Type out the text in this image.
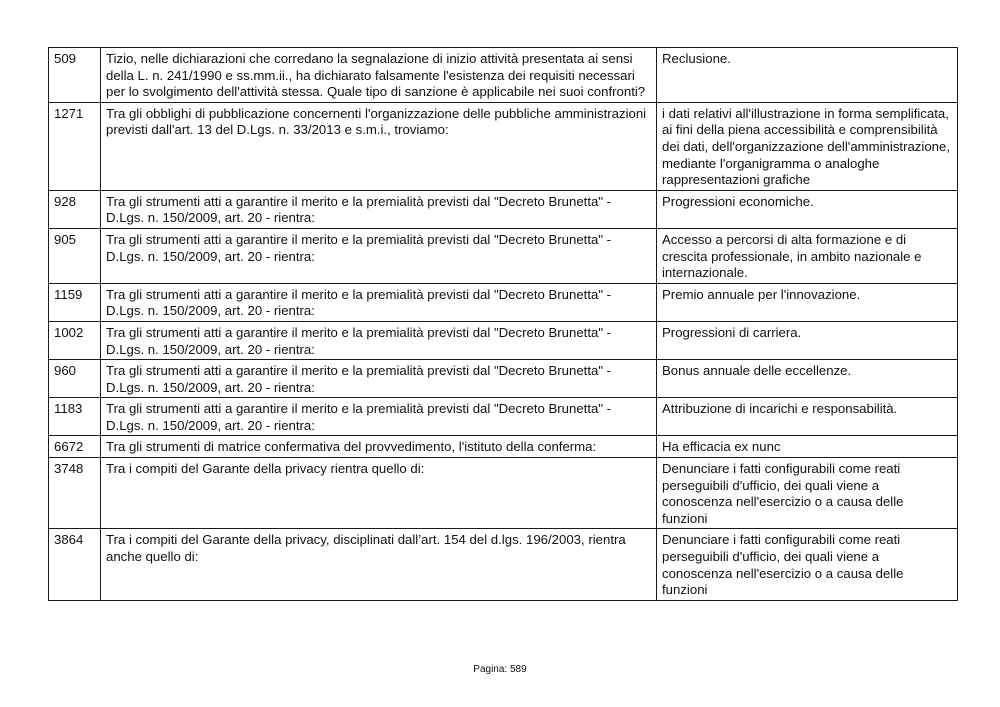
509	Tizio, nelle dichiarazioni che corredano la segnalazione di inizio attività presentata ai sensi della L. n. 241/1990 e ss.mm.ii., ha dichiarato falsamente l'esistenza dei requisiti necessari per lo svolgimento dell'attività stessa. Quale tipo di sanzione è applicabile nei suoi confronti?	Reclusione.
1271	Tra gli obblighi di pubblicazione concernenti l'organizzazione delle pubbliche amministrazioni previsti dall'art. 13 del D.Lgs. n. 33/2013 e s.m.i., troviamo:	i dati relativi all'illustrazione in forma semplificata, ai fini della piena accessibilità e comprensibilità dei dati, dell'organizzazione dell'amministrazione, mediante l'organigramma o analoghe rappresentazioni grafiche
928	Tra gli strumenti atti a garantire il merito e la premialità previsti dal "Decreto Brunetta" - D.Lgs. n. 150/2009, art. 20 - rientra:	Progressioni economiche.
905	Tra gli strumenti atti a garantire il merito e la premialità previsti dal "Decreto Brunetta" - D.Lgs. n. 150/2009, art. 20 - rientra:	Accesso a percorsi di alta formazione e di crescita professionale, in ambito nazionale e internazionale.
1159	Tra gli strumenti atti a garantire il merito e la premialità previsti dal "Decreto Brunetta" - D.Lgs. n. 150/2009, art. 20 - rientra:	Premio annuale per l'innovazione.
1002	Tra gli strumenti atti a garantire il merito e la premialità previsti dal "Decreto Brunetta" - D.Lgs. n. 150/2009, art. 20 - rientra:	Progressioni di carriera.
960	Tra gli strumenti atti a garantire il merito e la premialità previsti dal "Decreto Brunetta" - D.Lgs. n. 150/2009, art. 20 - rientra:	Bonus annuale delle eccellenze.
1183	Tra gli strumenti atti a garantire il merito e la premialità previsti dal "Decreto Brunetta" - D.Lgs. n. 150/2009, art. 20 - rientra:	Attribuzione di incarichi e responsabilità.
6672	Tra gli strumenti di matrice confermativa del provvedimento, l'istituto della conferma:	Ha efficacia ex nunc
3748	Tra i compiti del Garante della privacy rientra quello di:	Denunciare i fatti configurabili come reati perseguibili d'ufficio, dei quali viene a conoscenza nell'esercizio o a causa delle funzioni
3864	Tra i compiti del Garante della privacy, disciplinati dall’art. 154 del d.lgs. 196/2003, rientra anche quello di:	Denunciare i fatti configurabili come reati perseguibili d'ufficio, dei quali viene a conoscenza nell'esercizio o a causa delle funzioni
Pagina: 589
